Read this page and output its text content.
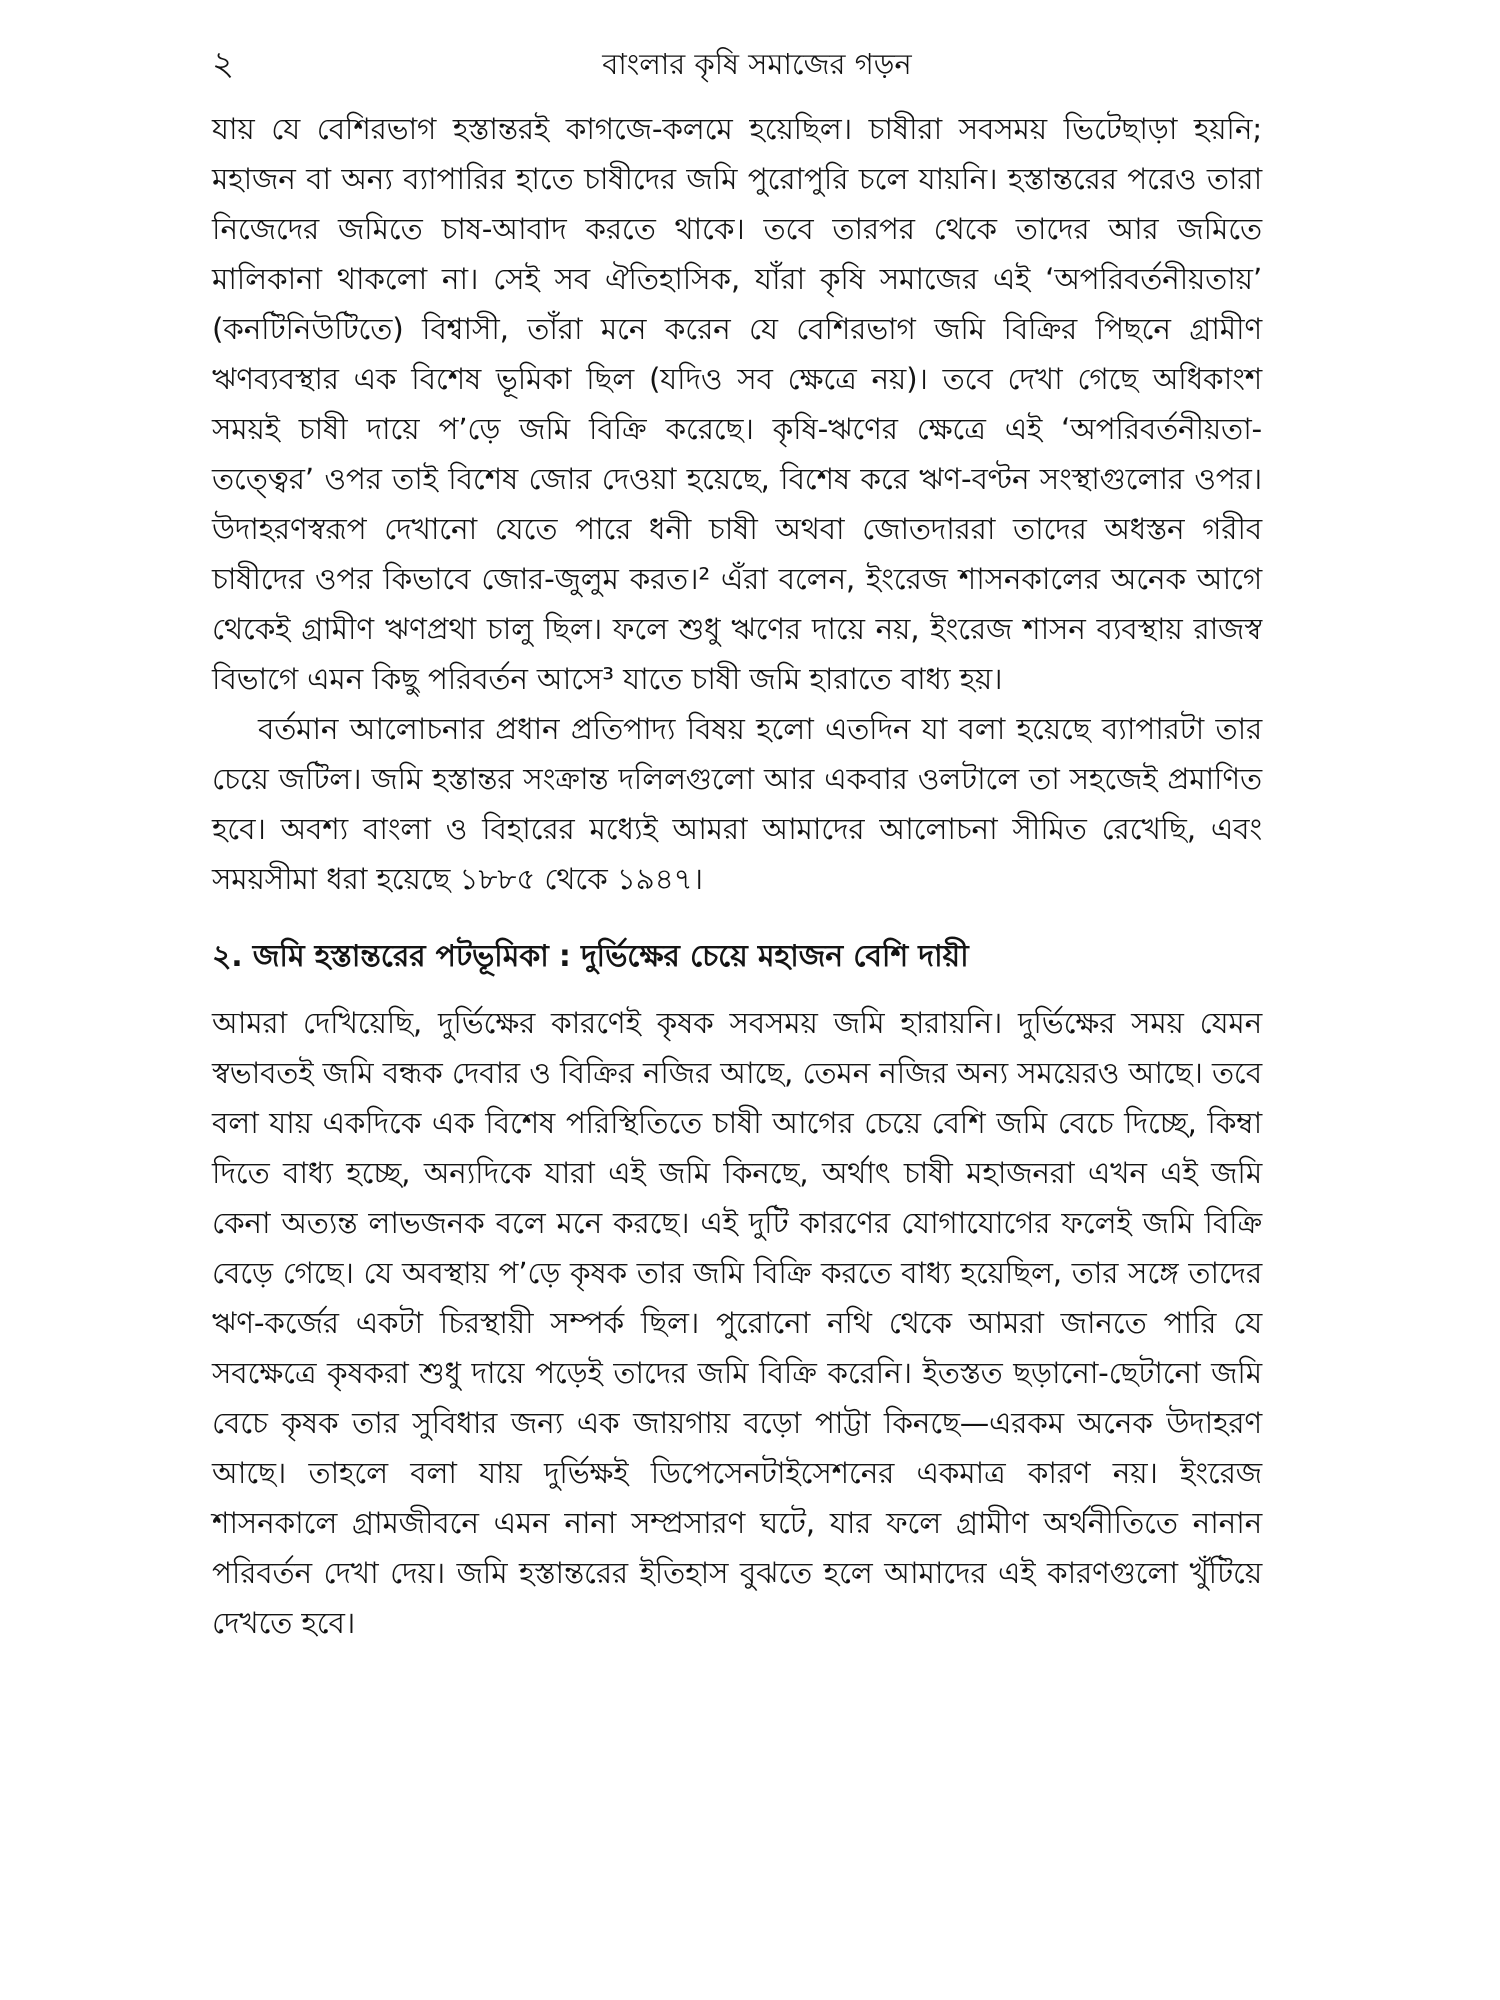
২	বাংলার কৃষি সমাজের গড়ন

যায় যে বেশিরভাগ হস্তান্তরই কাগজে-কলমে হয়েছিল। চাষীরা সবসময় ভিটেছাড়া হয়নি; মহাজন বা অন্য ব্যাপারির হাতে চাষীদের জমি পুরোপুরি চলে যায়নি। হস্তান্তরের পরেও তারা নিজেদের জমিতে চাষ-আবাদ করতে থাকে। তবে তারপর থেকে তাদের আর জমিতে মালিকানা থাকলো না। সেই সব ঐতিহাসিক, যাঁরা কৃষি সমাজের এই ‘অপরিবর্তনীয়তায়’ (কনটিনিউটিতে) বিশ্বাসী, তাঁরা মনে করেন যে বেশিরভাগ জমি বিক্রির পিছনে গ্রামীণ ঋণব্যবস্থার এক বিশেষ ভূমিকা ছিল (যদিও সব ক্ষেত্রে নয়)। তবে দেখা গেছে অধিকাংশ সময়ই চাষী দায়ে প’ড়ে জমি বিক্রি করেছে। কৃষি-ঋণের ক্ষেত্রে এই ‘অপরিবর্তনীয়তা-তত্ত্বের’ ওপর তাই বিশেষ জোর দেওয়া হয়েছে, বিশেষ করে ঋণ-বণ্টন সংস্থাগুলোর ওপর। উদাহরণস্বরূপ দেখানো যেতে পারে ধনী চাষী অথবা জোতদাররা তাদের অধস্তন গরীব চাষীদের ওপর কিভাবে জোর-জুলুম করত।² এঁরা বলেন, ইংরেজ শাসনকালের অনেক আগে থেকেই গ্রামীণ ঋণপ্রথা চালু ছিল। ফলে শুধু ঋণের দায়ে নয়, ইংরেজ শাসন ব্যবস্থায় রাজস্ব বিভাগে এমন কিছু পরিবর্তন আসে³ যাতে চাষী জমি হারাতে বাধ্য হয়।

বর্তমান আলোচনার প্রধান প্রতিপাদ্য বিষয় হলো এতদিন যা বলা হয়েছে ব্যাপারটা তার চেয়ে জটিল। জমি হস্তান্তর সংক্রান্ত দলিলগুলো আর একবার ওলটালে তা সহজেই প্রমাণিত হবে। অবশ্য বাংলা ও বিহারের মধ্যেই আমরা আমাদের আলোচনা সীমিত রেখেছি, এবং সময়সীমা ধরা হয়েছে ১৮৮৫ থেকে ১৯৪৭।

২. জমি হস্তান্তরের পটভূমিকা : দুর্ভিক্ষের চেয়ে মহাজন বেশি দায়ী

আমরা দেখিয়েছি, দুর্ভিক্ষের কারণেই কৃষক সবসময় জমি হারায়নি। দুর্ভিক্ষের সময় যেমন স্বভাবতই জমি বন্ধক দেবার ও বিক্রির নজির আছে, তেমন নজির অন্য সময়েরও আছে। তবে বলা যায় একদিকে এক বিশেষ পরিস্থিতিতে চাষী আগের চেয়ে বেশি জমি বেচে দিচ্ছে, কিম্বা দিতে বাধ্য হচ্ছে, অন্যদিকে যারা এই জমি কিনছে, অর্থাৎ চাষী মহাজনরা এখন এই জমি কেনা অত্যন্ত লাভজনক বলে মনে করছে। এই দুটি কারণের যোগাযোগের ফলেই জমি বিক্রি বেড়ে গেছে। যে অবস্থায় প’ড়ে কৃষক তার জমি বিক্রি করতে বাধ্য হয়েছিল, তার সঙ্গে তাদের ঋণ-কর্জের একটা চিরস্থায়ী সম্পর্ক ছিল। পুরোনো নথি থেকে আমরা জানতে পারি যে সবক্ষেত্রে কৃষকরা শুধু দায়ে পড়েই তাদের জমি বিক্রি করেনি। ইতস্তত ছড়ানো-ছেটানো জমি বেচে কৃষক তার সুবিধার জন্য এক জায়গায় বড়ো পাট্টা কিনছে—এরকম অনেক উদাহরণ আছে। তাহলে বলা যায় দুর্ভিক্ষই ডিপেসেনটাইসেশনের একমাত্র কারণ নয়। ইংরেজ শাসনকালে গ্রামজীবনে এমন নানা সম্প্রসারণ ঘটে, যার ফলে গ্রামীণ অর্থনীতিতে নানান পরিবর্তন দেখা দেয়। জমি হস্তান্তরের ইতিহাস বুঝতে হলে আমাদের এই কারণগুলো খুঁটিয়ে দেখতে হবে।
